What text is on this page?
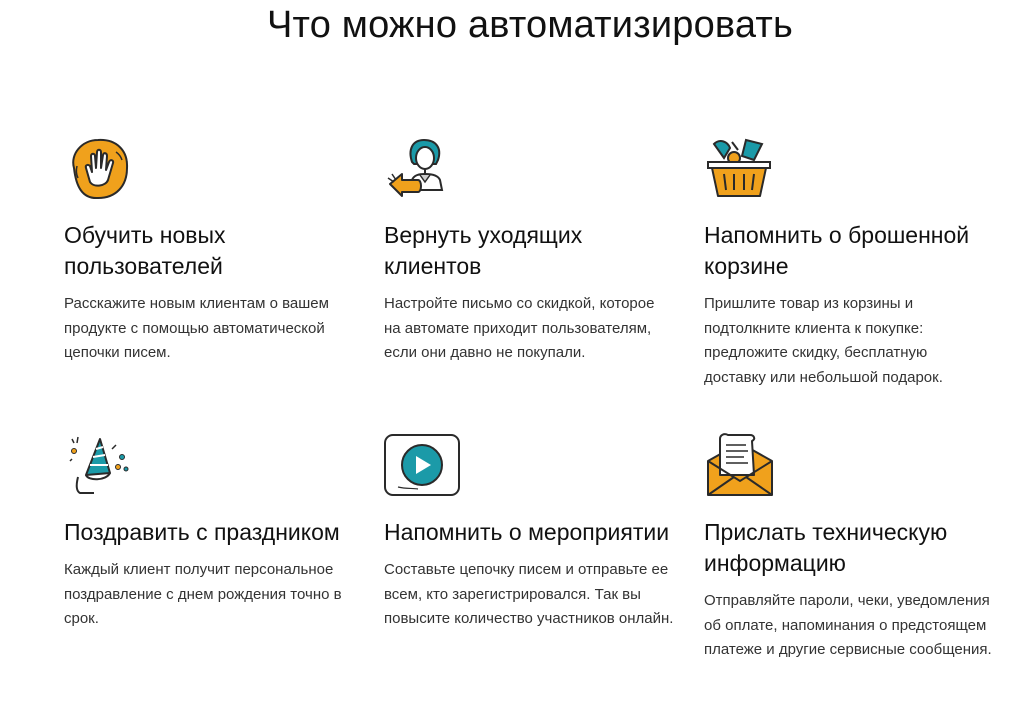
Что можно автоматизировать
Обучить новых пользователей
Расскажите новым клиентам о вашем продукте с помощью автоматической цепочки писем.
Вернуть уходящих клиентов
Настройте письмо со скидкой, которое на автомате приходит пользователям, если они давно не покупали.
Напомнить о брошенной корзине
Пришлите товар из корзины и подтолкните клиента к покупке: предложите скидку, бесплатную доставку или небольшой подарок.
Поздравить с праздником
Каждый клиент получит персональное поздравление с днем рождения точно в срок.
Напомнить о мероприятии
Составьте цепочку писем и отправьте ее всем, кто зарегистрировался. Так вы повысите количество участников онлайн.
Прислать техническую информацию
Отправляйте пароли, чеки, уведомления об оплате, напоминания о предстоящем платеже и другие сервисные сообщения.
